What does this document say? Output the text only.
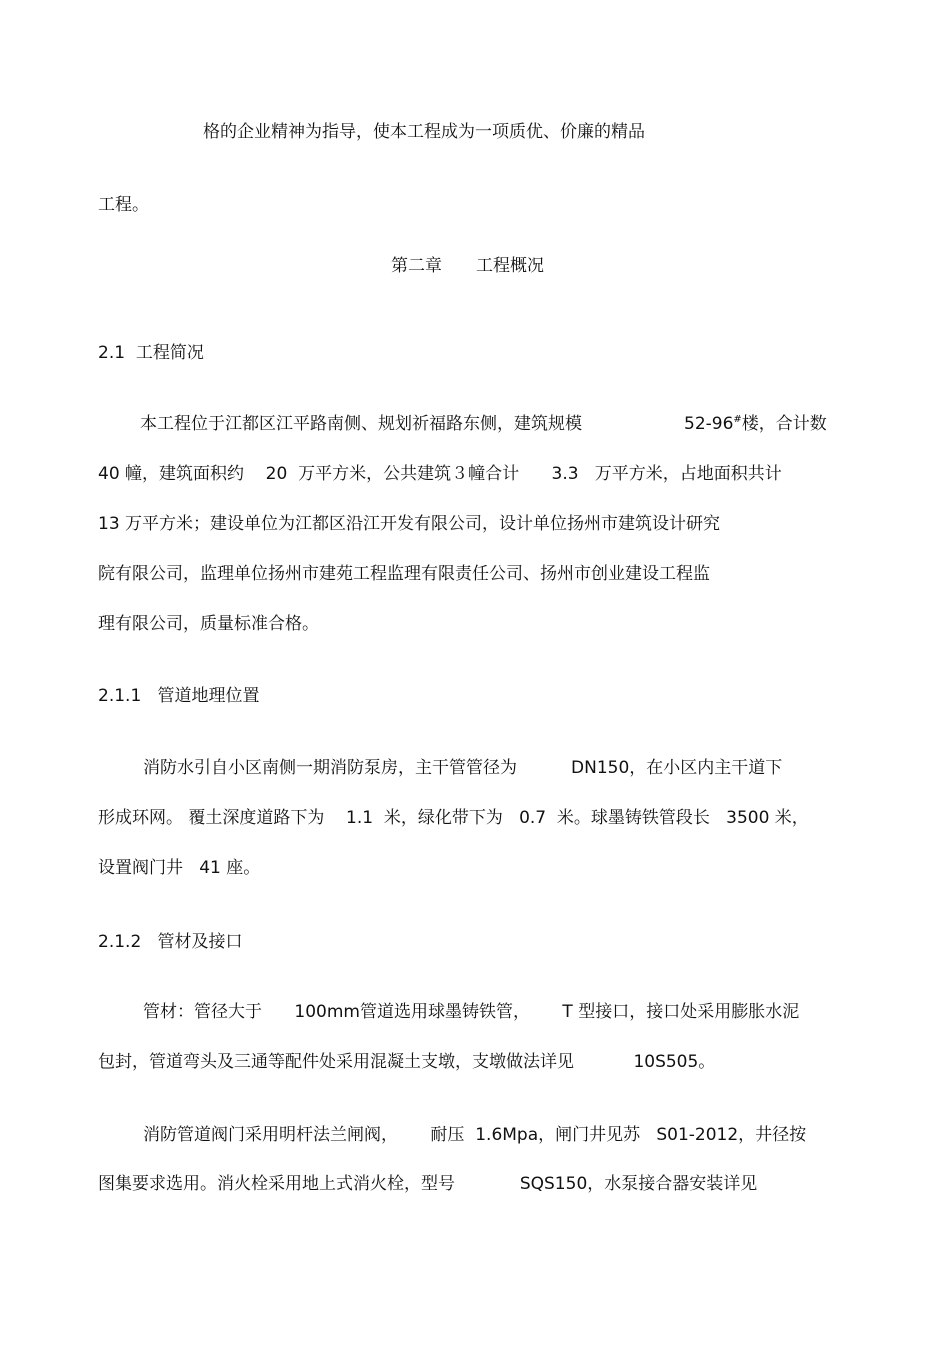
格的企业精神为指导，使本工程成为一项质优、价廉的精品
工程。
第二章　　工程概况
2.1  工程简况
本工程位于江都区江平路南侧、规划祈福路东侧，建筑规模	52-96#楼，合计数
40 幢，建筑面积约    20  万平方米，公共建筑３幢合计      3.3   万平方米，占地面积共计
13 万平方米；建设单位为江都区沿江开发有限公司，设计单位扬州市建筑设计研究
院有限公司，监理单位扬州市建苑工程监理有限责任公司、扬州市创业建设工程监
理有限公司，质量标准合格。
2.1.1   管道地理位置
消防水引自小区南侧一期消防泵房，主干管管径为          DN150，在小区内主干道下
形成环网。 覆土深度道路下为    1.1  米，绿化带下为   0.7  米。球墨铸铁管段长   3500 米，
设置阀门井   41 座。
2.1.2   管材及接口
管材：管径大于      100mm管道选用球墨铸铁管，      T 型接口，接口处采用膨胀水泥
包封，管道弯头及三通等配件处采用混凝土支墩，支墩做法详见           10S505。
消防管道阀门采用明杆法兰闸阀，      耐压  1.6Mpa，闸门井见苏   S01-2012，井径按
图集要求选用。消火栓采用地上式消火栓，型号            SQS150，水泵接合器安装详见
